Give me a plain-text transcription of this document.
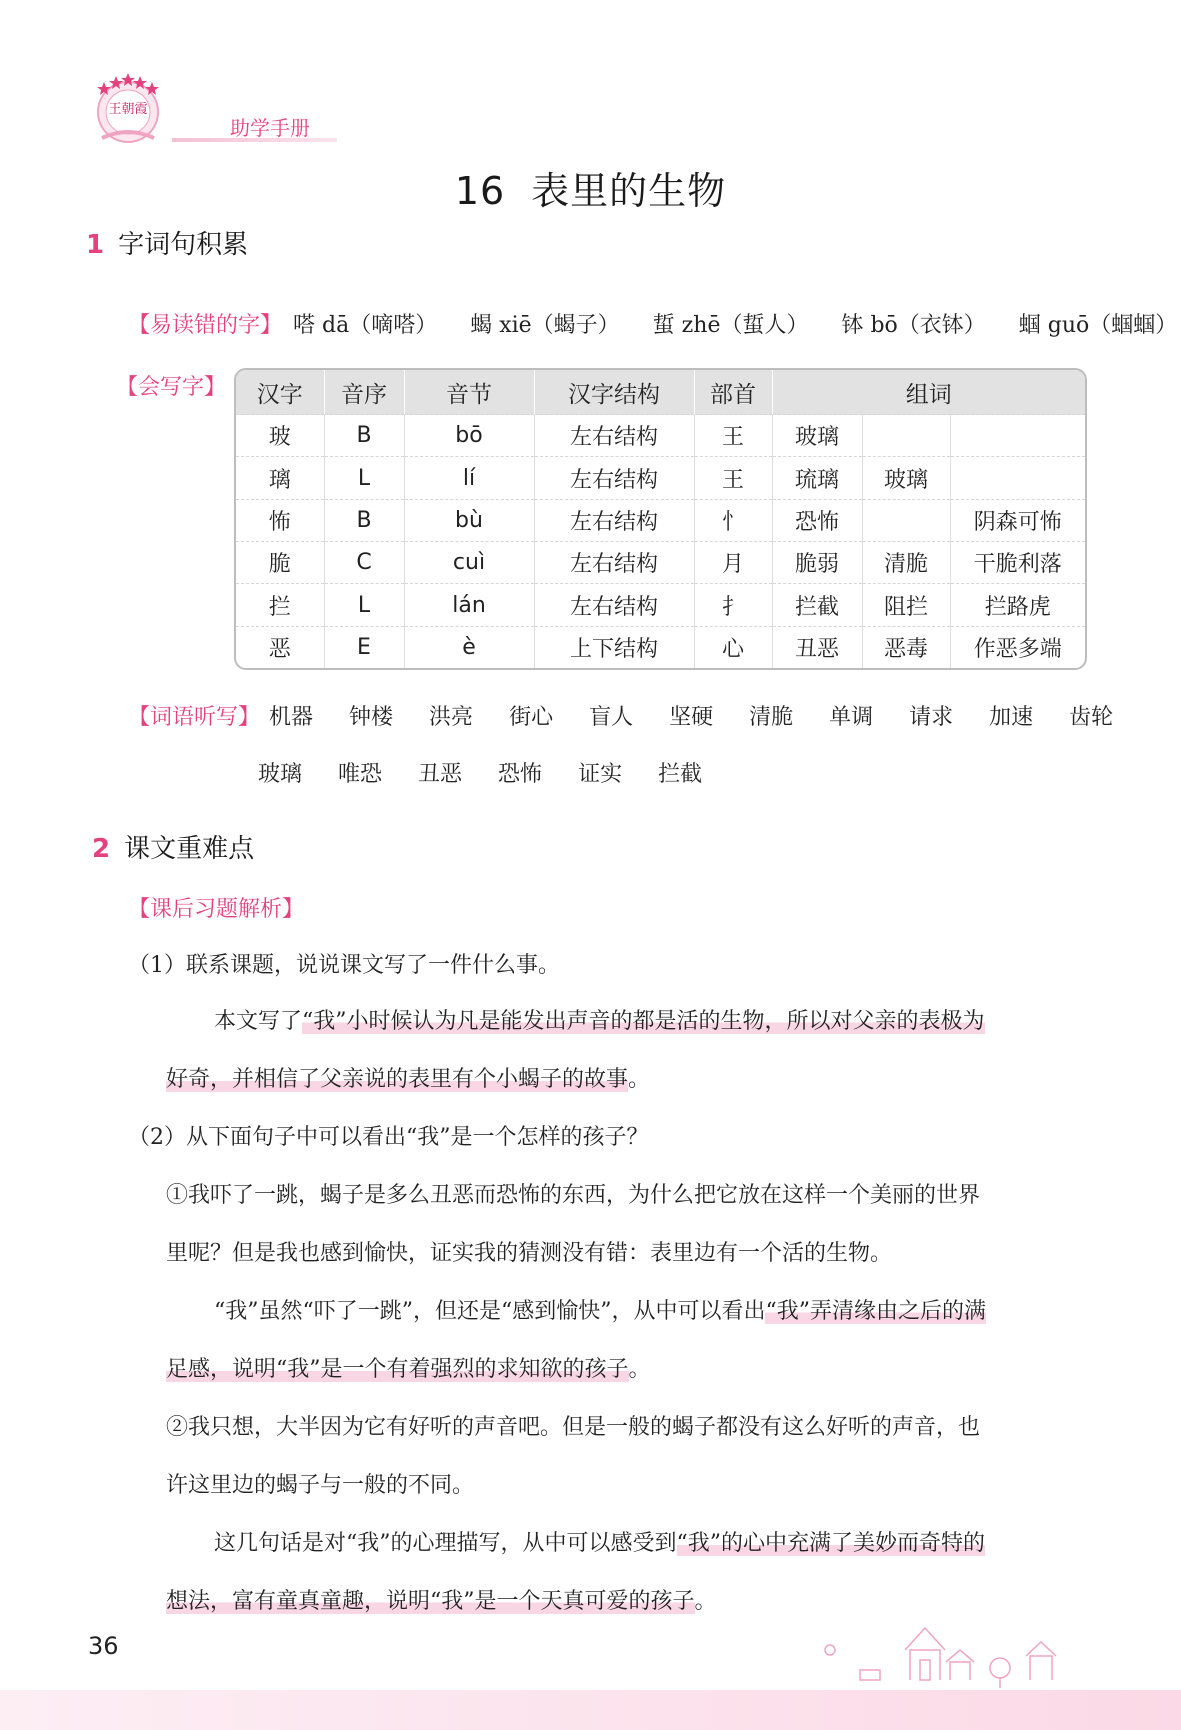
王朝霞
助学手册
16 表里的生物
1 字词句积累
【易读错的字】 嗒 dā（嘀嗒） 蝎 xiē（蝎子） 蜇 zhē（蜇人） 钵 bō（衣钵） 蝈 guō（蝈蝈）
【会写字】 汉字	音序	音节	汉字结构	部首	组词		
玻	B	bō	左右结构	王	玻璃		
璃	L	lí	左右结构	王	琉璃	玻璃	
怖	B	bù	左右结构	忄	恐怖		阴森可怖
脆	C	cuì	左右结构	月	脆弱	清脆	干脆利落
拦	L	lán	左右结构	扌	拦截	阻拦	拦路虎
恶	E	è	上下结构	心	丑恶	恶毒	作恶多端
【词语听写】 机器 钟楼 洪亮 街心 盲人 坚硬 清脆 单调 请求 加速 齿轮
玻璃 唯恐 丑恶 恐怖 证实 拦截
2 课文重难点
【课后习题解析】
（1）联系课题，说说课文写了一件什么事。
本文写了“我”小时候认为凡是能发出声音的都是活的生物，所以对父亲的表极为
好奇，并相信了父亲说的表里有个小蝎子的故事。
（2）从下面句子中可以看出“我”是一个怎样的孩子？
①我吓了一跳，蝎子是多么丑恶而恐怖的东西，为什么把它放在这样一个美丽的世界
里呢？但是我也感到愉快，证实我的猜测没有错：表里边有一个活的生物。
“我”虽然“吓了一跳”，但还是“感到愉快”，从中可以看出“我”弄清缘由之后的满
足感，说明“我”是一个有着强烈的求知欲的孩子。
②我只想，大半因为它有好听的声音吧。但是一般的蝎子都没有这么好听的声音，也
许这里边的蝎子与一般的不同。
这几句话是对“我”的心理描写，从中可以感受到“我”的心中充满了美妙而奇特的
想法，富有童真童趣，说明“我”是一个天真可爱的孩子。
36
